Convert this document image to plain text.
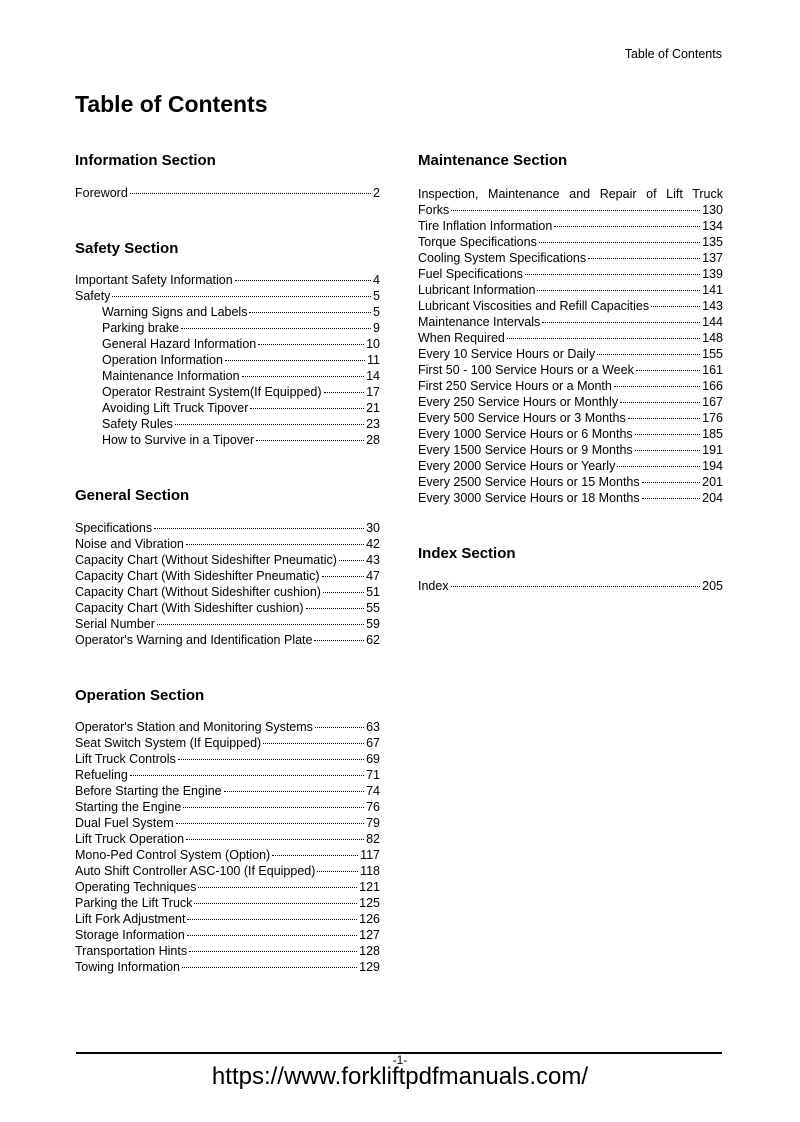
Table of Contents
Table of Contents
Information Section
Foreword	2
Safety Section
Important Safety Information	4
Safety	5
Warning Signs and Labels	5
Parking brake	9
General Hazard Information	10
Operation Information	11
Maintenance Information	14
Operator Restraint System(If Equipped)	17
Avoiding Lift Truck Tipover	21
Safety Rules	23
How to Survive in a Tipover	28
General Section
Specifications	30
Noise and Vibration	42
Capacity Chart (Without Sideshifter Pneumatic) 43
Capacity Chart (With Sideshifter Pneumatic)	47
Capacity Chart (Without Sideshifter cushion)	51
Capacity Chart (With Sideshifter cushion)	55
Serial Number	59
Operator's Warning and Identification Plate	62
Operation Section
Operator's Station and Monitoring Systems	63
Seat Switch System (If Equipped)	67
Lift Truck Controls	69
Refueling	71
Before Starting the Engine	74
Starting the Engine	76
Dual Fuel System	79
Lift Truck Operation	82
Mono-Ped Control System (Option)	117
Auto Shift Controller ASC-100 (If Equipped)	118
Operating Techniques	121
Parking the Lift Truck	125
Lift Fork Adjustment	126
Storage Information	127
Transportation Hints	128
Towing Information	129
Maintenance Section
Inspection, Maintenance and Repair of Lift Truck
Forks	130
Tire Inflation Information	134
Torque Specifications	135
Cooling System Specifications	137
Fuel Specifications	139
Lubricant Information	141
Lubricant Viscosities and Refill Capacities	143
Maintenance Intervals	144
When Required	148
Every 10 Service Hours or Daily	155
First 50 - 100 Service Hours or a Week	161
First 250 Service Hours or a Month	166
Every 250 Service Hours or Monthly	167
Every 500 Service Hours or 3 Months	176
Every 1000 Service Hours or 6 Months	185
Every 1500 Service Hours or 9 Months	191
Every 2000 Service Hours or Yearly	194
Every 2500 Service Hours or 15 Months	201
Every 3000 Service Hours or 18 Months	204
Index Section
Index	205
-1-
https://www.forkliftpdfmanuals.com/
